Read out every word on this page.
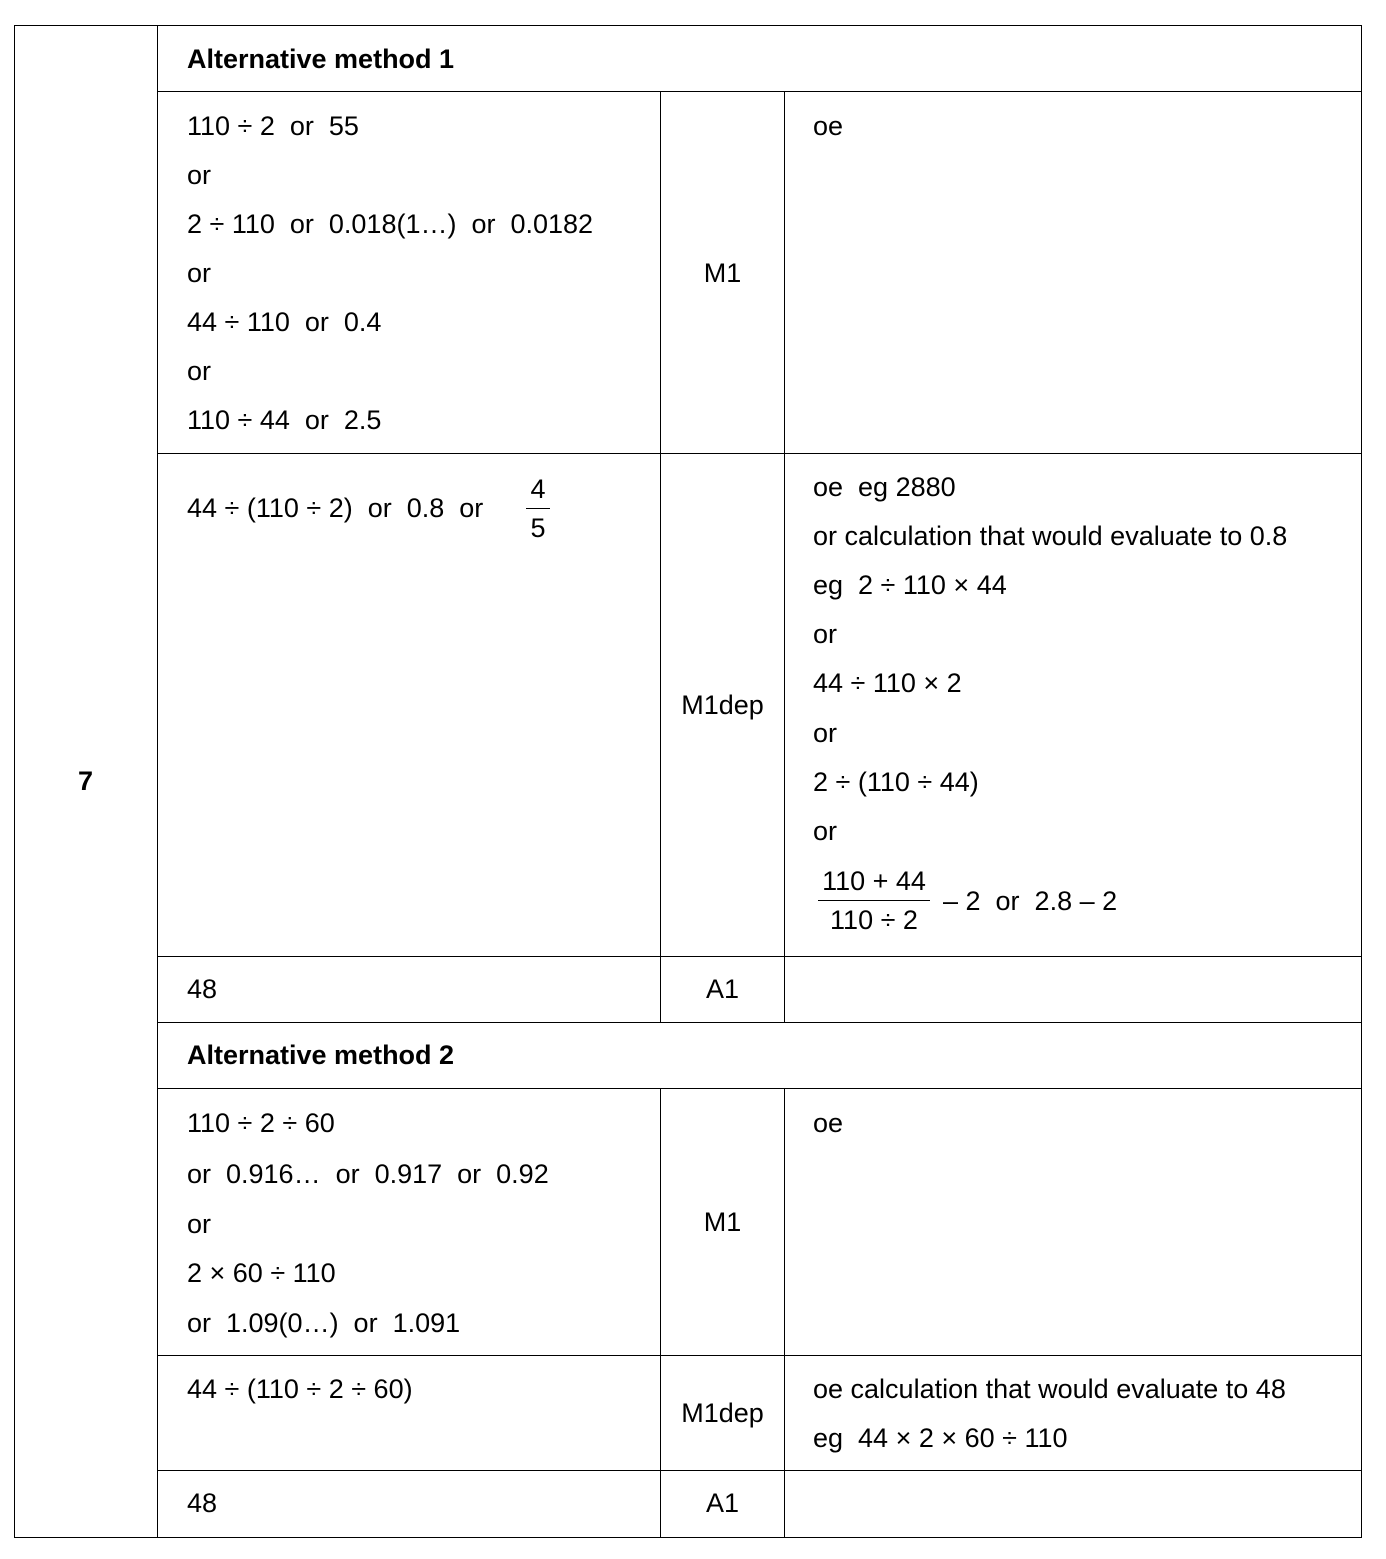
7
Alternative method 1
110 ÷ 2  or  55
or
2 ÷ 110  or  0.018(1…)  or  0.0182
or
44 ÷ 110  or  0.4
or
110 ÷ 44  or  2.5
M1
oe
44 ÷ (110 ÷ 2)  or  0.8  or
4
5
M1dep
oe  eg 2880
or calculation that would evaluate to 0.8
eg  2 ÷ 110 × 44
or
44 ÷ 110 × 2
or
2 ÷ (110 ÷ 44)
or
110 + 44
110 ÷ 2
– 2  or  2.8 – 2
48	A1
Alternative method 2
110 ÷ 2 ÷ 60
or  0.916…  or  0.917  or  0.92
or
2 × 60 ÷ 110
or  1.09(0…)  or  1.091
M1
oe
44 ÷ (110 ÷ 2 ÷ 60)
M1dep
oe calculation that would evaluate to 48
eg  44 × 2 × 60 ÷ 110
48	A1
